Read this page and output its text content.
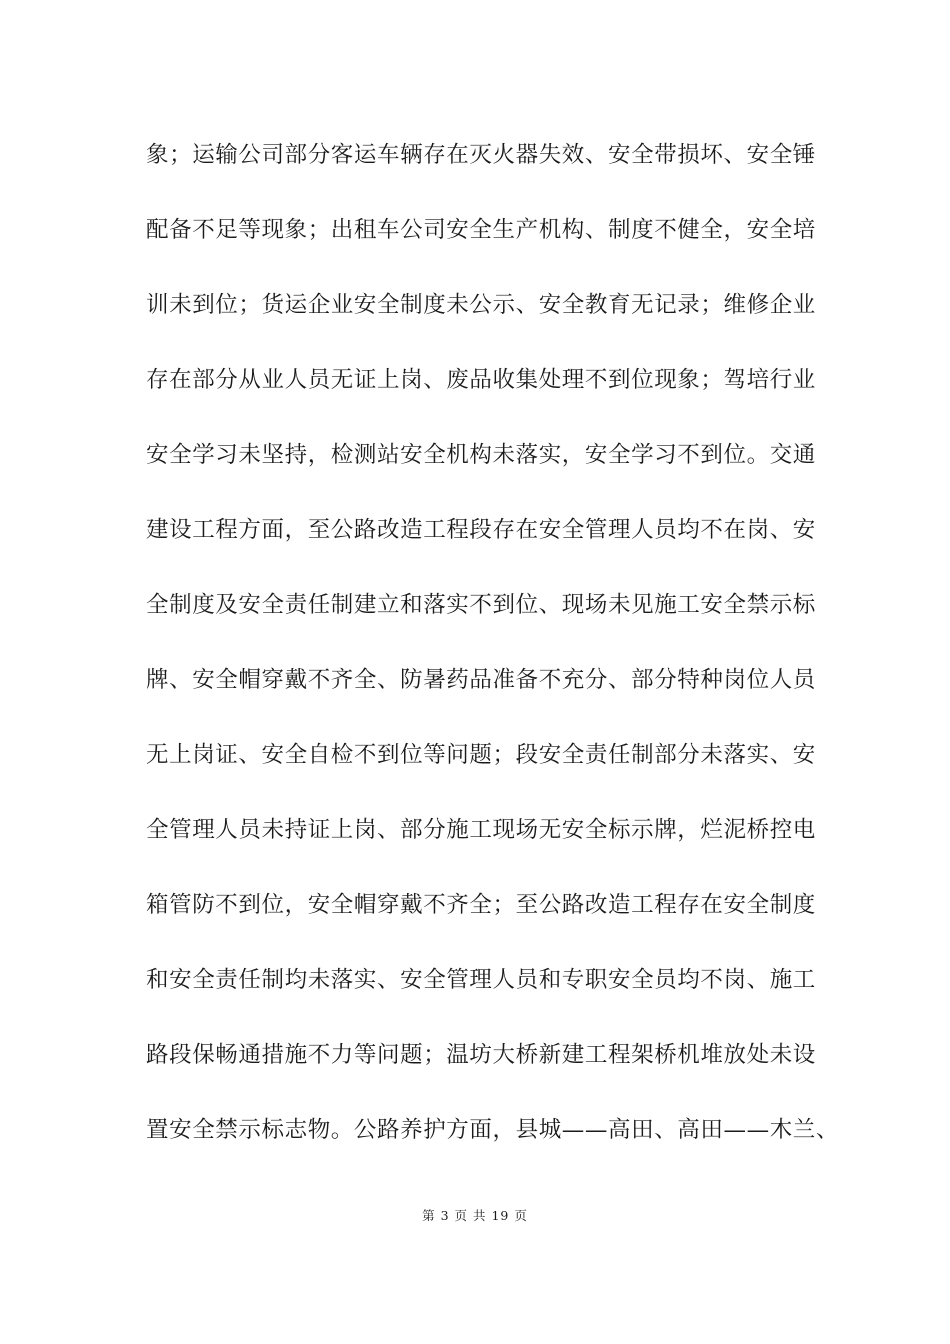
象；运输公司部分客运车辆存在灭火器失效、安全带损坏、安全锤
配备不足等现象；出租车公司安全生产机构、制度不健全，安全培
训未到位；货运企业安全制度未公示、安全教育无记录；维修企业
存在部分从业人员无证上岗、废品收集处理不到位现象；驾培行业
安全学习未坚持，检测站安全机构未落实，安全学习不到位。交通
建设工程方面，至公路改造工程段存在安全管理人员均不在岗、安
全制度及安全责任制建立和落实不到位、现场未见施工安全禁示标
牌、安全帽穿戴不齐全、防暑药品准备不充分、部分特种岗位人员
无上岗证、安全自检不到位等问题；段安全责任制部分未落实、安
全管理人员未持证上岗、部分施工现场无安全标示牌，烂泥桥控电
箱管防不到位，安全帽穿戴不齐全；至公路改造工程存在安全制度
和安全责任制均未落实、安全管理人员和专职安全员均不岗、施工
路段保畅通措施不力等问题；温坊大桥新建工程架桥机堆放处未设
置安全禁示标志物。公路养护方面，县城——高田、高田——木兰、
第 3 页 共 19 页
